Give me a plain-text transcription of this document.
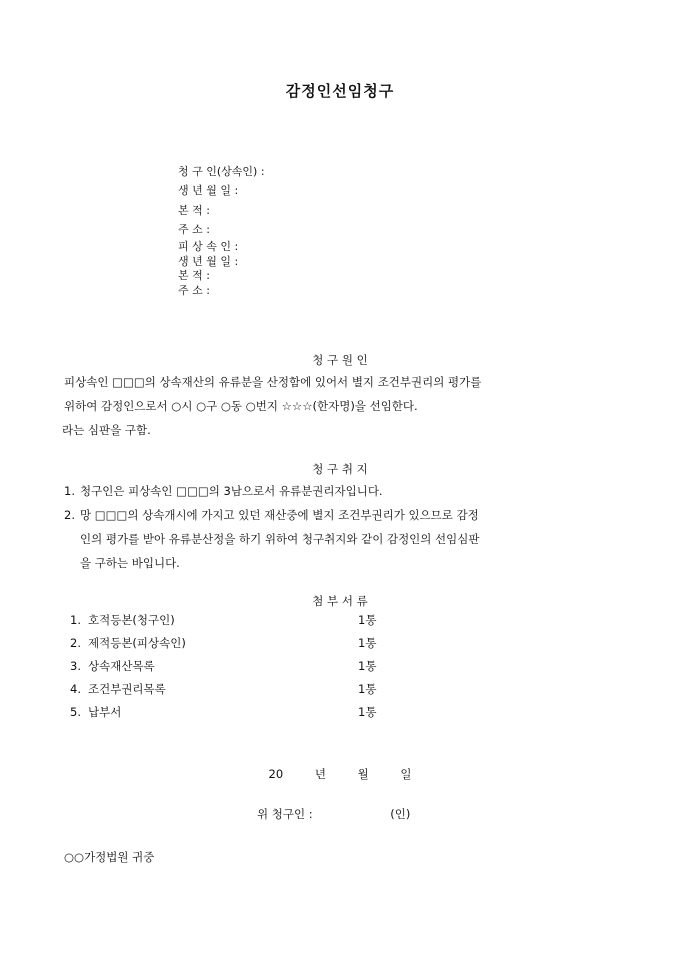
감정인선임청구
청 구 인(상속인) :
생 년 월 일 :
본 적 :
주 소 :
피 상 속 인 :
생 년 월 일 :
본 적 :
주 소 :
청 구 원 인
피상속인 □□□의 상속재산의 유류분을 산정함에 있어서 별지 조건부권리의 평가를
위하여 감정인으로서 ○시 ○구 ○동 ○번지 ☆☆☆(한자명)을 선임한다.
라는 심판을 구함.
청 구 취 지
1. 청구인은 피상속인 □□□의 3남으로서 유류분권리자입니다.
2. 망 □□□의 상속개시에 가지고 있던 재산중에 별지 조건부권리가 있으므로 감정
인의 평가를 받아 유류분산정을 하기 위하여 청구취지와 같이 감정인의 선임심판
을 구하는 바입니다.
첨 부 서 류
1. 호적등본(청구인)	1통
2. 제적등본(피상속인)	1통
3. 상속재산목록	1통
4. 조건부권리목록	1통
5. 납부서	1통
20	년	월	일
위 청구인 :	(인)
○○가정법원 귀중
